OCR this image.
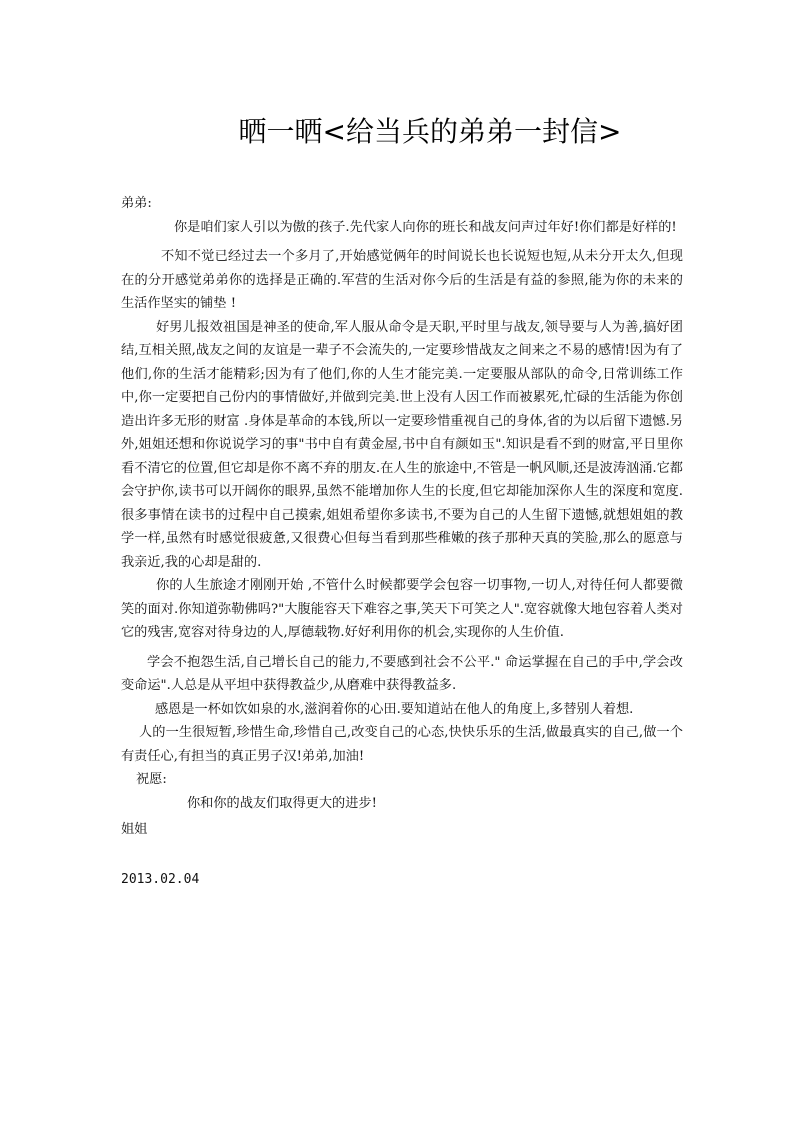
晒一晒<给当兵的弟弟一封信>

弟弟:

你是咱们家人引以为傲的孩子.先代家人向你的班长和战友问声过年好!你们都是好样的!

不知不觉已经过去一个多月了,开始感觉俩年的时间说长也长说短也短,从未分开太久,但现在的分开感觉弟弟你的选择是正确的.军营的生活对你今后的生活是有益的参照,能为你的未来的生活作坚实的铺垫 !

好男儿报效祖国是神圣的使命,军人服从命令是天职,平时里与战友,领导要与人为善,搞好团结,互相关照,战友之间的友谊是一辈子不会流失的,一定要珍惜战友之间来之不易的感情!因为有了他们,你的生活才能精彩;因为有了他们,你的人生才能完美.一定要服从部队的命令,日常训练工作中,你一定要把自己份内的事情做好,并做到完美.世上没有人因工作而被累死,忙碌的生活能为你创造出许多无形的财富 .身体是革命的本钱,所以一定要珍惜重视自己的身体,省的为以后留下遗憾.另外,姐姐还想和你说说学习的事"书中自有黄金屋,书中自有颜如玉".知识是看不到的财富,平日里你看不清它的位置,但它却是你不离不弃的朋友.在人生的旅途中,不管是一帆风顺,还是波涛汹涌.它都会守护你,读书可以开阔你的眼界,虽然不能增加你人生的长度,但它却能加深你人生的深度和宽度.很多事情在读书的过程中自己摸索,姐姐希望你多读书,不要为自己的人生留下遗憾,就想姐姐的教学一样,虽然有时感觉很疲惫,又很费心但每当看到那些稚嫩的孩子那种天真的笑脸,那么的愿意与我亲近,我的心却是甜的.

你的人生旅途才刚刚开始 ,不管什么时候都要学会包容一切事物,一切人,对待任何人都要微笑的面对.你知道弥勒佛吗?"大腹能容天下难容之事,笑天下可笑之人".宽容就像大地包容着人类对它的残害,宽容对待身边的人,厚德载物.好好利用你的机会,实现你的人生价值.

学会不抱怨生活,自己增长自己的能力,不要感到社会不公平." 命运掌握在自己的手中,学会改变命运".人总是从平坦中获得教益少,从磨难中获得教益多.

感恩是一杯如饮如泉的水,滋润着你的心田.要知道站在他人的角度上,多替别人着想.

人的一生很短暂,珍惜生命,珍惜自己,改变自己的心态,快快乐乐的生活,做最真实的自己,做一个有责任心,有担当的真正男子汉!弟弟,加油!

祝愿:

你和你的战友们取得更大的进步!

姐姐
2013.02.04
